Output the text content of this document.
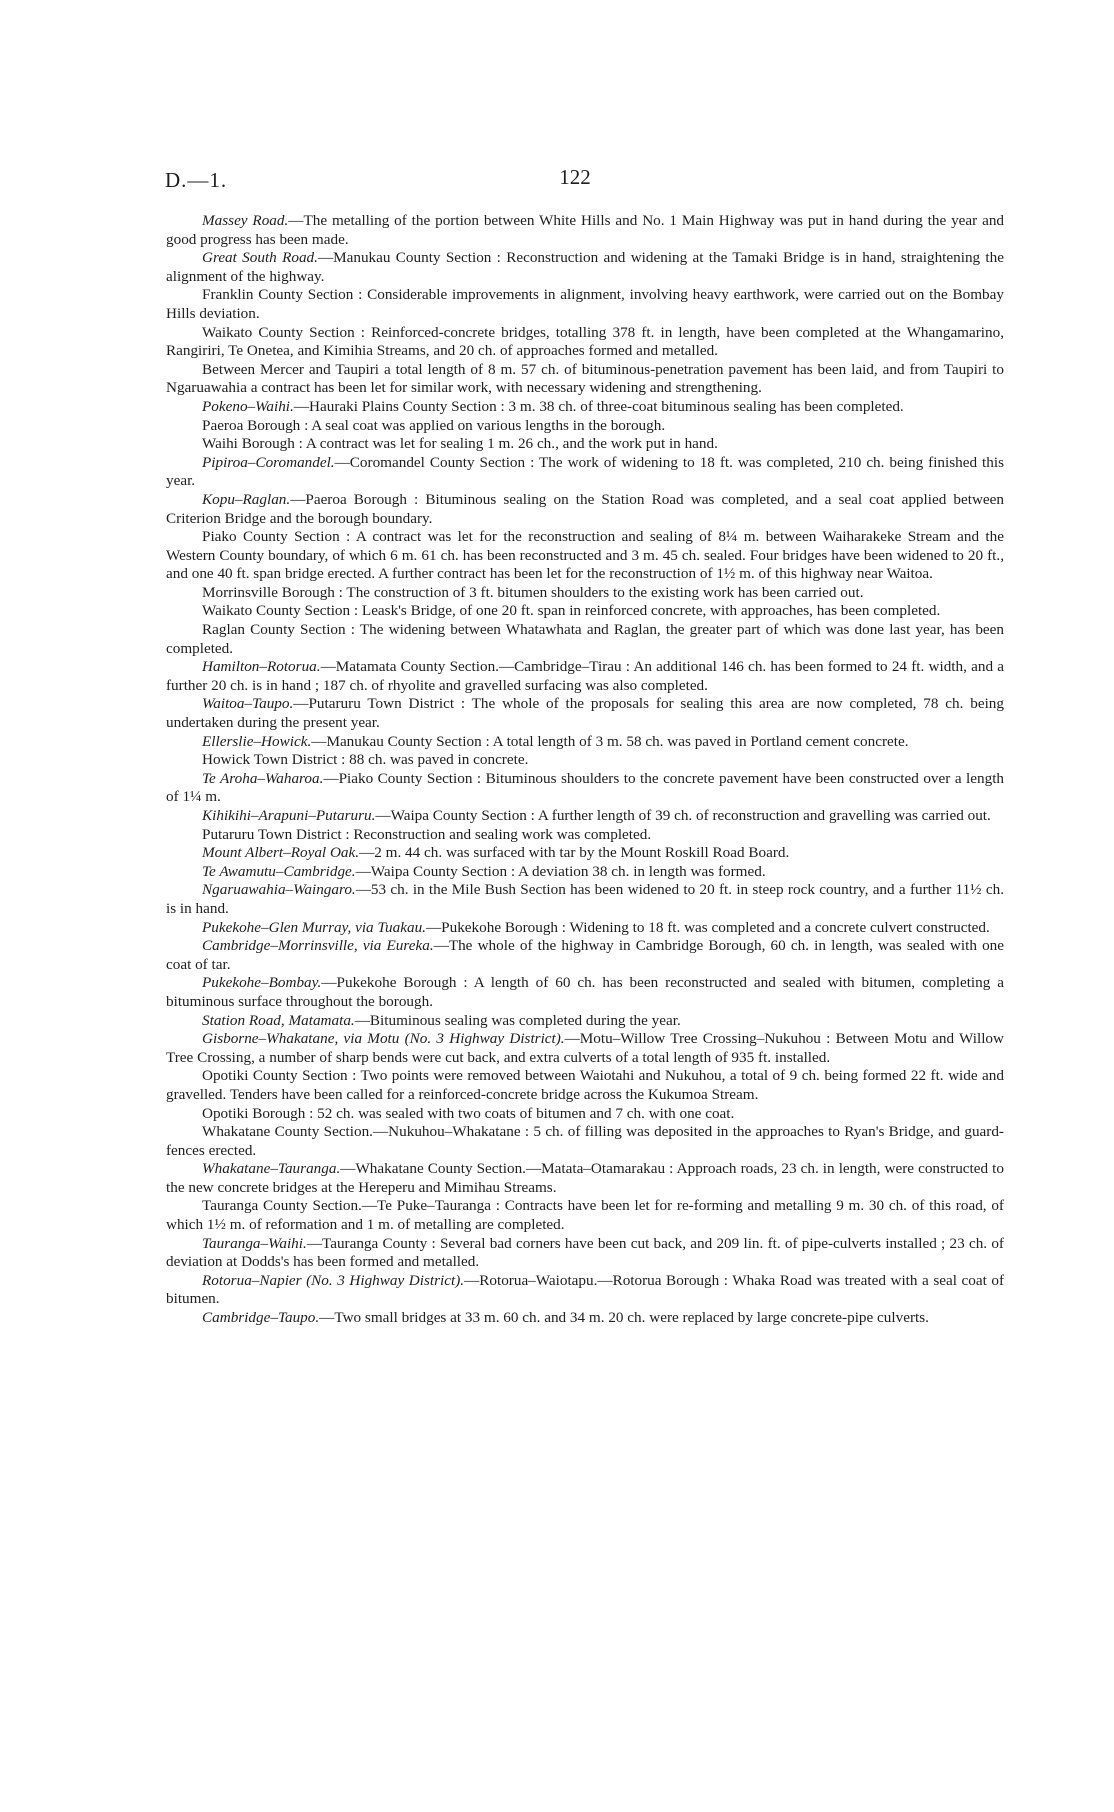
D.—1.	122

Massey Road.—The metalling of the portion between White Hills and No. 1 Main Highway was put in hand during the year and good progress has been made.

Great South Road.—Manukau County Section : Reconstruction and widening at the Tamaki Bridge is in hand, straightening the alignment of the highway.

Franklin County Section : Considerable improvements in alignment, involving heavy earthwork, were carried out on the Bombay Hills deviation.

Waikato County Section : Reinforced-concrete bridges, totalling 378 ft. in length, have been completed at the Whangamarino, Rangiriri, Te Onetea, and Kimihia Streams, and 20 ch. of approaches formed and metalled.

Between Mercer and Taupiri a total length of 8 m. 57 ch. of bituminous-penetration pavement has been laid, and from Taupiri to Ngaruawahia a contract has been let for similar work, with necessary widening and strengthening.

Pokeno–Waihi.—Hauraki Plains County Section : 3 m. 38 ch. of three-coat bituminous sealing has been completed.

Paeroa Borough : A seal coat was applied on various lengths in the borough.

Waihi Borough : A contract was let for sealing 1 m. 26 ch., and the work put in hand.

Pipiroa–Coromandel.—Coromandel County Section : The work of widening to 18 ft. was completed, 210 ch. being finished this year.

Kopu–Raglan.—Paeroa Borough : Bituminous sealing on the Station Road was completed, and a seal coat applied between Criterion Bridge and the borough boundary.

Piako County Section : A contract was let for the reconstruction and sealing of 8¼ m. between Waiharakeke Stream and the Western County boundary, of which 6 m. 61 ch. has been reconstructed and 3 m. 45 ch. sealed. Four bridges have been widened to 20 ft., and one 40 ft. span bridge erected. A further contract has been let for the reconstruction of 1½ m. of this highway near Waitoa.

Morrinsville Borough : The construction of 3 ft. bitumen shoulders to the existing work has been carried out.

Waikato County Section : Leask's Bridge, of one 20 ft. span in reinforced concrete, with approaches, has been completed.

Raglan County Section : The widening between Whatawhata and Raglan, the greater part of which was done last year, has been completed.

Hamilton–Rotorua.—Matamata County Section.—Cambridge–Tirau : An additional 146 ch. has been formed to 24 ft. width, and a further 20 ch. is in hand ; 187 ch. of rhyolite and gravelled surfacing was also completed.

Waitoa–Taupo.—Putaruru Town District : The whole of the proposals for sealing this area are now completed, 78 ch. being undertaken during the present year.

Ellerslie–Howick.—Manukau County Section : A total length of 3 m. 58 ch. was paved in Portland cement concrete.

Howick Town District : 88 ch. was paved in concrete.

Te Aroha–Waharoa.—Piako County Section : Bituminous shoulders to the concrete pavement have been constructed over a length of 1¼ m.

Kihikihi–Arapuni–Putaruru.—Waipa County Section : A further length of 39 ch. of reconstruction and gravelling was carried out.

Putaruru Town District : Reconstruction and sealing work was completed.

Mount Albert–Royal Oak.—2 m. 44 ch. was surfaced with tar by the Mount Roskill Road Board.

Te Awamutu–Cambridge.—Waipa County Section : A deviation 38 ch. in length was formed.

Ngaruawahia–Waingaro.—53 ch. in the Mile Bush Section has been widened to 20 ft. in steep rock country, and a further 11½ ch. is in hand.

Pukekohe–Glen Murray, via Tuakau.—Pukekohe Borough : Widening to 18 ft. was completed and a concrete culvert constructed.

Cambridge–Morrinsville, via Eureka.—The whole of the highway in Cambridge Borough, 60 ch. in length, was sealed with one coat of tar.

Pukekohe–Bombay.—Pukekohe Borough : A length of 60 ch. has been reconstructed and sealed with bitumen, completing a bituminous surface throughout the borough.

Station Road, Matamata.—Bituminous sealing was completed during the year.

Gisborne–Whakatane, via Motu (No. 3 Highway District).—Motu–Willow Tree Crossing–Nukuhou : Between Motu and Willow Tree Crossing, a number of sharp bends were cut back, and extra culverts of a total length of 935 ft. installed.

Opotiki County Section : Two points were removed between Waiotahi and Nukuhou, a total of 9 ch. being formed 22 ft. wide and gravelled. Tenders have been called for a reinforced-concrete bridge across the Kukumoa Stream.

Opotiki Borough : 52 ch. was sealed with two coats of bitumen and 7 ch. with one coat.

Whakatane County Section.—Nukuhou–Whakatane : 5 ch. of filling was deposited in the approaches to Ryan's Bridge, and guard-fences erected.

Whakatane–Tauranga.—Whakatane County Section.—Matata–Otamarakau : Approach roads, 23 ch. in length, were constructed to the new concrete bridges at the Hereperu and Mimihau Streams.

Tauranga County Section.—Te Puke–Tauranga : Contracts have been let for re-forming and metalling 9 m. 30 ch. of this road, of which 1½ m. of reformation and 1 m. of metalling are completed.

Tauranga–Waihi.—Tauranga County : Several bad corners have been cut back, and 209 lin. ft. of pipe-culverts installed ; 23 ch. of deviation at Dodds's has been formed and metalled.

Rotorua–Napier (No. 3 Highway District).—Rotorua–Waiotapu.—Rotorua Borough : Whaka Road was treated with a seal coat of bitumen.

Cambridge–Taupo.—Two small bridges at 33 m. 60 ch. and 34 m. 20 ch. were replaced by large concrete-pipe culverts.
